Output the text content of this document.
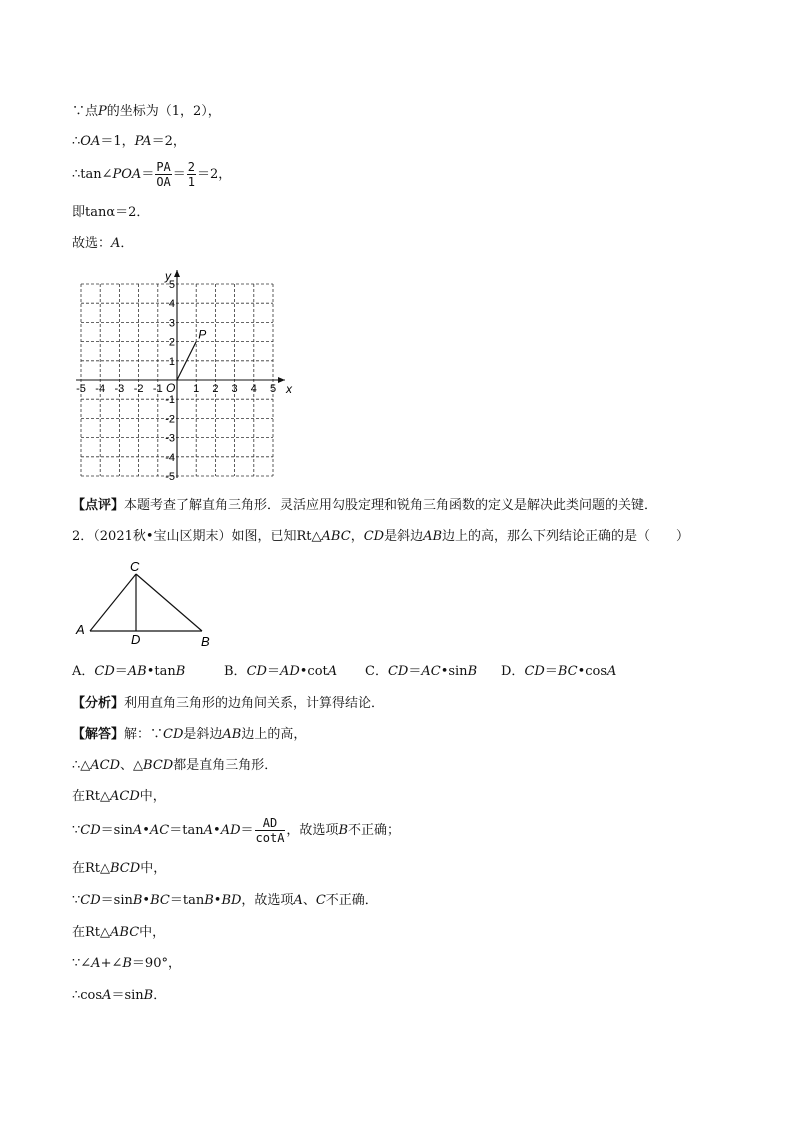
∵点P的坐标为（1，2），
∴OA＝1，PA＝2，
∴tan∠POA＝ $\frac{PA}{OA} = \frac{2}{1} =2$，
即tanα＝2．
故选：A．
x
y
O
-5 -4 -3 -2 -1	1 2 3 4 5
5
4
3
2
1
-1
-2
-3
-4
-5
P
【点评】本题考查了解直角三角形．灵活应用勾股定理和锐角三角函数的定义是解决此类问题的关键．
2．（2021秋•宝山区期末）如图，已知Rt△ABC，CD是斜边AB边上的高，那么下列结论正确的是（　　）
C
A
B
D
A．CD＝AB•tanB	B．CD＝AD•cotA C．CD＝AC•sinB D．CD＝BC•cosA
【分析】利用直角三角形的边角间关系，计算得结论．
【解答】解：∵CD是斜边AB边上的高，
∴△ACD、△BCD都是直角三角形．
在Rt△ACD中，
∵CD＝sinA•AC＝tanA•AD＝ $\frac{AD}{\cot A}$ ，故选项B不正确；
在Rt△BCD中，
∵CD＝sinB•BC＝tanB•BD，故选项A、C不正确．
在Rt△ABC中，
∵∠A+∠B＝90°，
∴cosA＝sinB．
